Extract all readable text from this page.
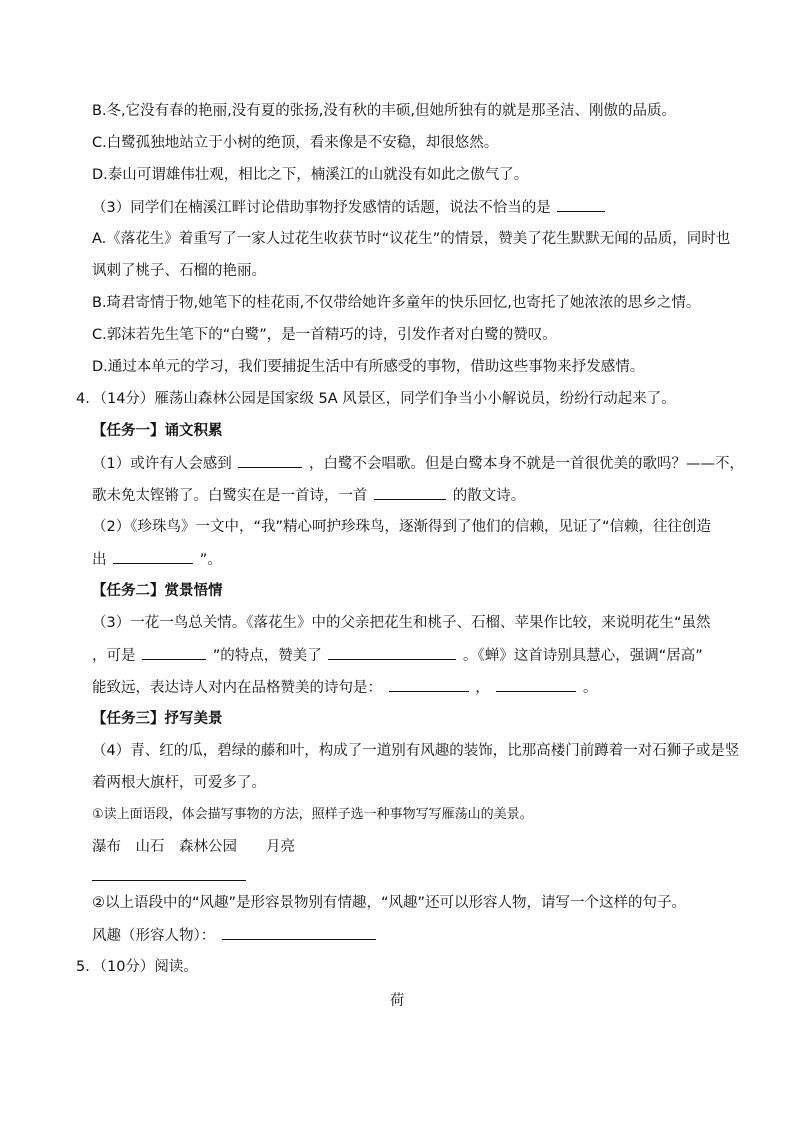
B.冬,它没有春的艳丽,没有夏的张扬,没有秋的丰硕,但她所独有的就是那圣洁、刚傲的品质。
C.白鹭孤独地站立于小树的绝顶，看来像是不安稳，却很悠然。
D.泰山可谓雄伟壮观，相比之下，楠溪江的山就没有如此之傲气了。
（3）同学们在楠溪江畔讨论借助事物抒发感情的话题，说法不恰当的是
A.《落花生》着重写了一家人过花生收获节时“议花生”的情景，赞美了花生默默无闻的品质，同时也
讽刺了桃子、石榴的艳丽。
B.琦君寄情于物,她笔下的桂花雨,不仅带给她许多童年的快乐回忆,也寄托了她浓浓的思乡之情。
C.郭沫若先生笔下的“白鹭”，是一首精巧的诗，引发作者对白鹭的赞叹。
D.通过本单元的学习，我们要捕捉生活中有所感受的事物，借助这些事物来抒发感情。
4．（14分）雁荡山森林公园是国家级 5A 风景区，同学们争当小小解说员，纷纷行动起来了。
【任务一】诵文积累
（1）或许有人会感到	，白鹭不会唱歌。但是白鹭本身不就是一首很优美的歌吗？——不，
歌未免太铿锵了。白鹭实在是一首诗，一首	的散文诗。
（2）《珍珠鸟》一文中，“我”精心呵护珍珠鸟，逐渐得到了他们的信赖，见证了“信赖，往往创造
出	”。
【任务二】赏景悟情
（3）一花一鸟总关情。《落花生》中的父亲把花生和桃子、石榴、苹果作比较，来说明花生“虽然
，可是	”的特点，赞美了	。《蝉》这首诗别具慧心，强调“居高”
能致远，表达诗人对内在品格赞美的诗句是：	，	。
【任务三】抒写美景
（4）青、红的瓜，碧绿的藤和叶，构成了一道别有风趣的装饰，比那高楼门前蹲着一对石狮子或是竖
着两根大旗杆，可爱多了。
①读上面语段，体会描写事物的方法，照样子选一种事物写写雁荡山的美景。
瀑布　山石　森林公园　　月亮
②以上语段中的“风趣”是形容景物别有情趣，“风趣”还可以形容人物，请写一个这样的句子。
风趣（形容人物）：
5．（10分）阅读。
荷
